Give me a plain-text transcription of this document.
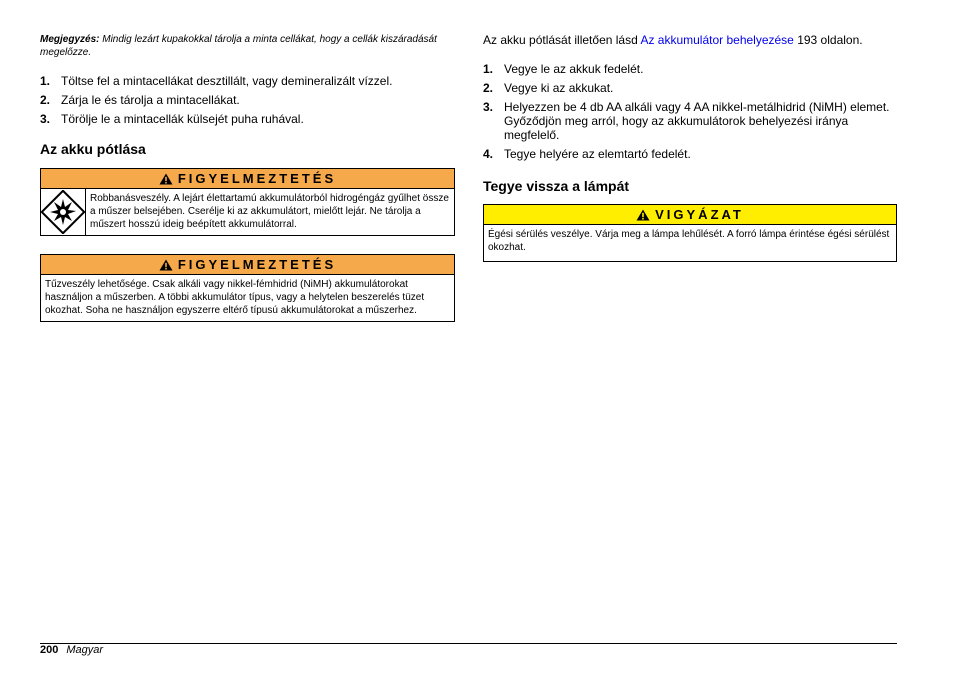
Megjegyzés: Mindig lezárt kupakokkal tárolja a minta cellákat, hogy a cellák kiszáradását megelőzze.
1. Töltse fel a mintacellákat desztillált, vagy demineralizált vízzel.
2. Zárja le és tárolja a mintacellákat.
3. Törölje le a mintacellák külsejét puha ruhával.
Az akku pótlása
FIGYELMEZTETÉS
Robbanásveszély. A lejárt élettartamú akkumulátorból hidrogéngáz gyűlhet össze a műszer belsejében. Cserélje ki az akkumulátort, mielőtt lejár. Ne tárolja a műszert hosszú ideig beépített akkumulátorral.
FIGYELMEZTETÉS
Tűzveszély lehetősége. Csak alkáli vagy nikkel-fémhidrid (NiMH) akkumulátorokat használjon a műszerben. A többi akkumulátor típus, vagy a helytelen beszerelés tüzet okozhat. Soha ne használjon egyszerre eltérő típusú akkumulátorokat a műszerhez.
Az akku pótlását illetően lásd Az akkumulátor behelyezése 193 oldalon.
1. Vegye le az akkuk fedelét.
2. Vegye ki az akkukat.
3. Helyezzen be 4 db AA alkáli vagy 4 AA nikkel-metálhidrid (NiMH) elemet. Győződjön meg arról, hogy az akkumulátorok behelyezési iránya megfelelő.
4. Tegye helyére az elemtartó fedelét.
Tegye vissza a lámpát
VIGYÁZAT
Égési sérülés veszélye. Várja meg a lámpa lehűlését. A forró lámpa érintése égési sérülést okozhat.
200 Magyar
